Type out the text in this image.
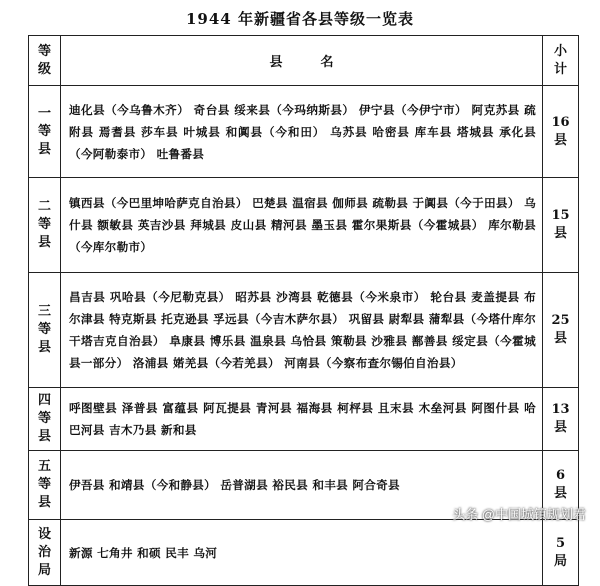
1944 年新疆省各县等级一览表
等
级	县名	小
计

一
等
县	迪化县（今乌鲁木齐） 奇台县 绥来县（今玛纳斯县） 伊宁县（今伊宁市） 阿克苏县 疏附县 焉耆县 莎车县 叶城县 和阗县（今和田） 乌苏县 哈密县 库车县 塔城县 承化县（今阿勒泰市） 吐鲁番县	16
县

二
等
县	镇西县（今巴里坤哈萨克自治县） 巴楚县 温宿县 伽师县 疏勒县 于阗县（今于田县） 乌什县 额敏县 英吉沙县 拜城县 皮山县 精河县 墨玉县 霍尔果斯县（今霍城县） 库尔勒县（今库尔勒市）	15
县

三
等
县	昌吉县 巩哈县（今尼勒克县） 昭苏县 沙湾县 乾德县（今米泉市） 轮台县 麦盖提县 布尔津县 特克斯县 托克逊县 孚远县（今吉木萨尔县） 巩留县 尉犁县 蒲犁县（今塔什库尔干塔吉克自治县） 阜康县 博乐县 温泉县 乌恰县 策勒县 沙雅县 鄯善县 绥定县（今霍城县一部分） 洛浦县 婼羌县（今若羌县） 河南县（今察布查尔锡伯自治县）	25
县

四
等
县	呼图壁县 泽普县 富蕴县 阿瓦提县 青河县 福海县 柯枰县 且末县 木垒河县 阿图什县 哈巴河县 吉木乃县 新和县	13
县

五
等
县	伊吾县 和靖县（今和静县） 岳普湖县 裕民县 和丰县 阿合奇县	6
县

设
治
局	新源 七角井 和硕 民丰 乌河	5
局
头条 @中国城镇规划君
